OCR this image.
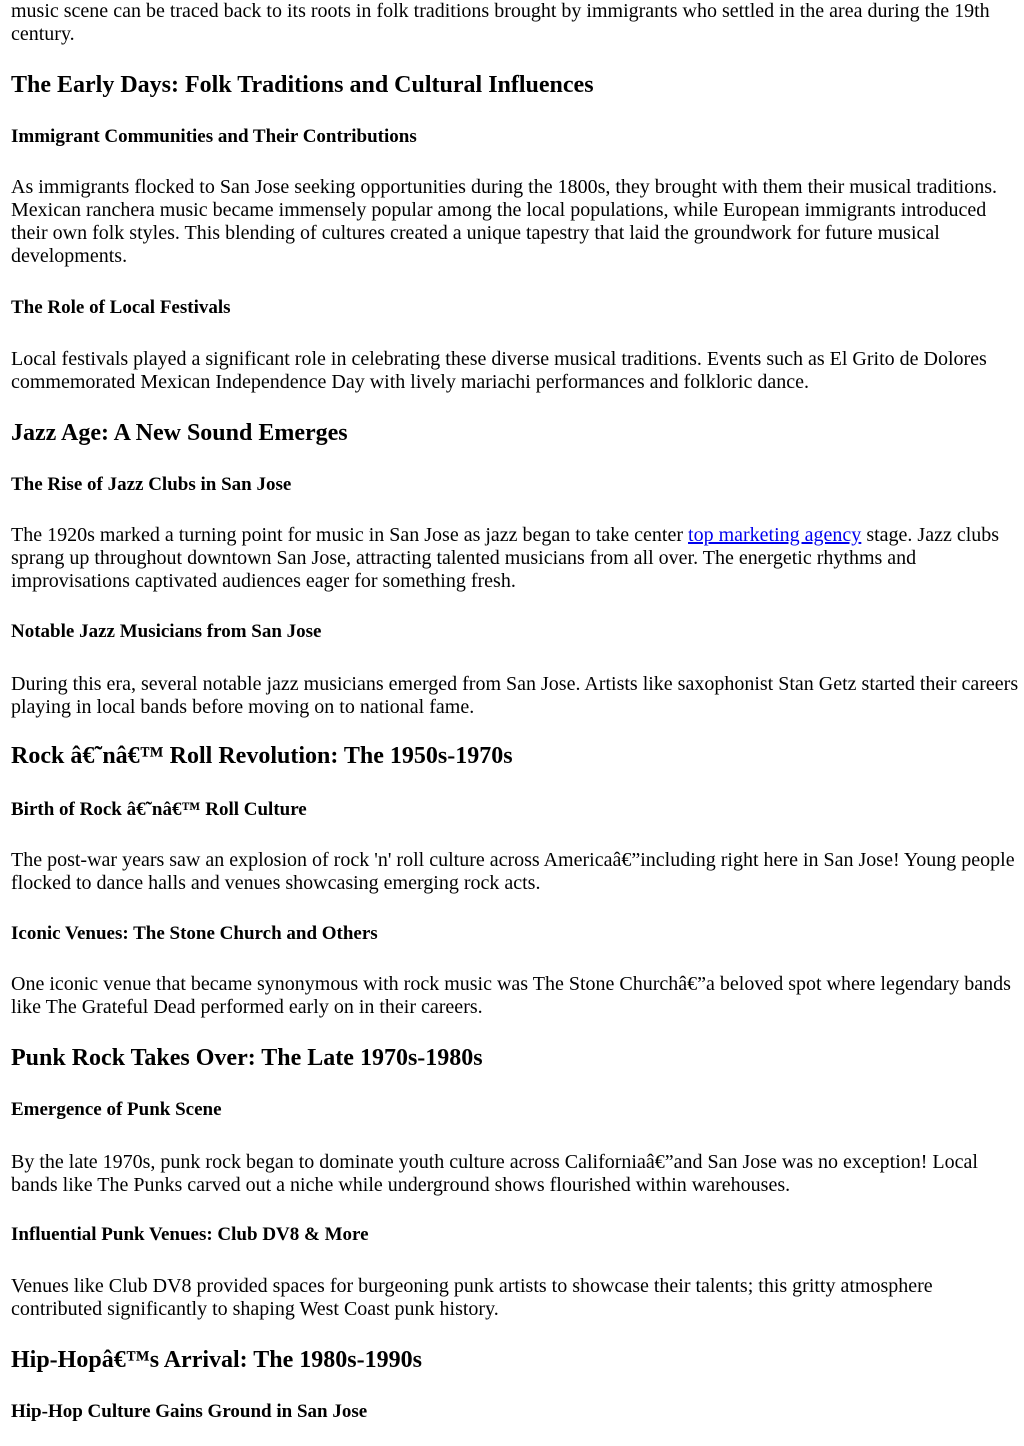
music scene can be traced back to its roots in folk traditions brought by immigrants who settled in the area during the 19th century.

The Early Days: Folk Traditions and Cultural Influences
Immigrant Communities and Their Contributions

As immigrants flocked to San Jose seeking opportunities during the 1800s, they brought with them their musical traditions. Mexican ranchera music became immensely popular among the local populations, while European immigrants introduced their own folk styles. This blending of cultures created a unique tapestry that laid the groundwork for future musical developments.

The Role of Local Festivals

Local festivals played a significant role in celebrating these diverse musical traditions. Events such as El Grito de Dolores commemorated Mexican Independence Day with lively mariachi performances and folkloric dance.

Jazz Age: A New Sound Emerges
The Rise of Jazz Clubs in San Jose

The 1920s marked a turning point for music in San Jose as jazz began to take center top marketing agency stage. Jazz clubs sprang up throughout downtown San Jose, attracting talented musicians from all over. The energetic rhythms and improvisations captivated audiences eager for something fresh.

Notable Jazz Musicians from San Jose

During this era, several notable jazz musicians emerged from San Jose. Artists like saxophonist Stan Getz started their careers playing in local bands before moving on to national fame.

Rock â€˜nâ€™ Roll Revolution: The 1950s-1970s
Birth of Rock â€˜nâ€™ Roll Culture

The post-war years saw an explosion of rock 'n' roll culture across Americaâ€”including right here in San Jose! Young people flocked to dance halls and venues showcasing emerging rock acts.

Iconic Venues: The Stone Church and Others

One iconic venue that became synonymous with rock music was The Stone Churchâ€”a beloved spot where legendary bands like The Grateful Dead performed early on in their careers.

Punk Rock Takes Over: The Late 1970s-1980s
Emergence of Punk Scene

By the late 1970s, punk rock began to dominate youth culture across Californiaâ€”and San Jose was no exception! Local bands like The Punks carved out a niche while underground shows flourished within warehouses.

Influential Punk Venues: Club DV8 & More

Venues like Club DV8 provided spaces for burgeoning punk artists to showcase their talents; this gritty atmosphere contributed significantly to shaping West Coast punk history.

Hip-Hopâ€™s Arrival: The 1980s-1990s
Hip-Hop Culture Gains Ground in San Jose
